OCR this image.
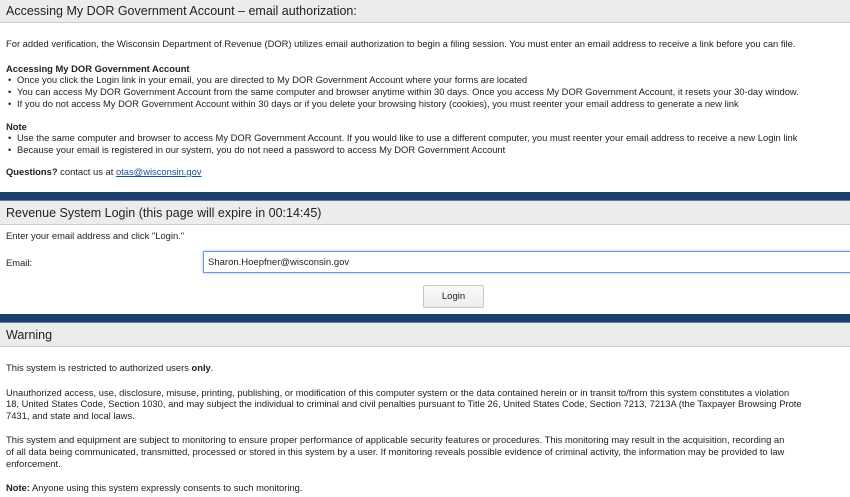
Accessing My DOR Government Account – email authorization:

For added verification, the Wisconsin Department of Revenue (DOR) utilizes email authorization to begin a filing session. You must enter an email address to receive a link before you can file.

Accessing My DOR Government Account

• Once you click the Login link in your email, you are directed to My DOR Government Account where your forms are located
• You can access My DOR Government Account from the same computer and browser anytime within 30 days. Once you access My DOR Government Account, it resets your 30-day window.
• If you do not access My DOR Government Account within 30 days or if you delete your browsing history (cookies), you must reenter your email address to generate a new link

Note

• Use the same computer and browser to access My DOR Government Account. If you would like to use a different computer, you must reenter your email address to receive a new Login link
• Because your email is registered in our system, you do not need a password to access My DOR Government Account

Questions? contact us at otas@wisconsin.gov

Revenue System Login (this page will expire in 00:14:45)

Enter your email address and click "Login."

Email:
Sharon.Hoepfner@wisconsin.gov
Login
Warning

This system is restricted to authorized users only.

Unauthorized access, use, disclosure, misuse, printing, publishing, or modification of this computer system or the data contained herein or in transit to/from this system constitutes a violation

18, United States Code, Section 1030, and may subject the individual to criminal and civil penalties pursuant to Title 26, United States Code, Section 7213, 7213A (the Taxpayer Browsing Prote

7431, and state and local laws.

This system and equipment are subject to monitoring to ensure proper performance of applicable security features or procedures. This monitoring may result in the acquisition, recording an

of all data being communicated, transmitted, processed or stored in this system by a user. If monitoring reveals possible evidence of criminal activity, the information may be provided to law

enforcement.

Note: Anyone using this system expressly consents to such monitoring.
